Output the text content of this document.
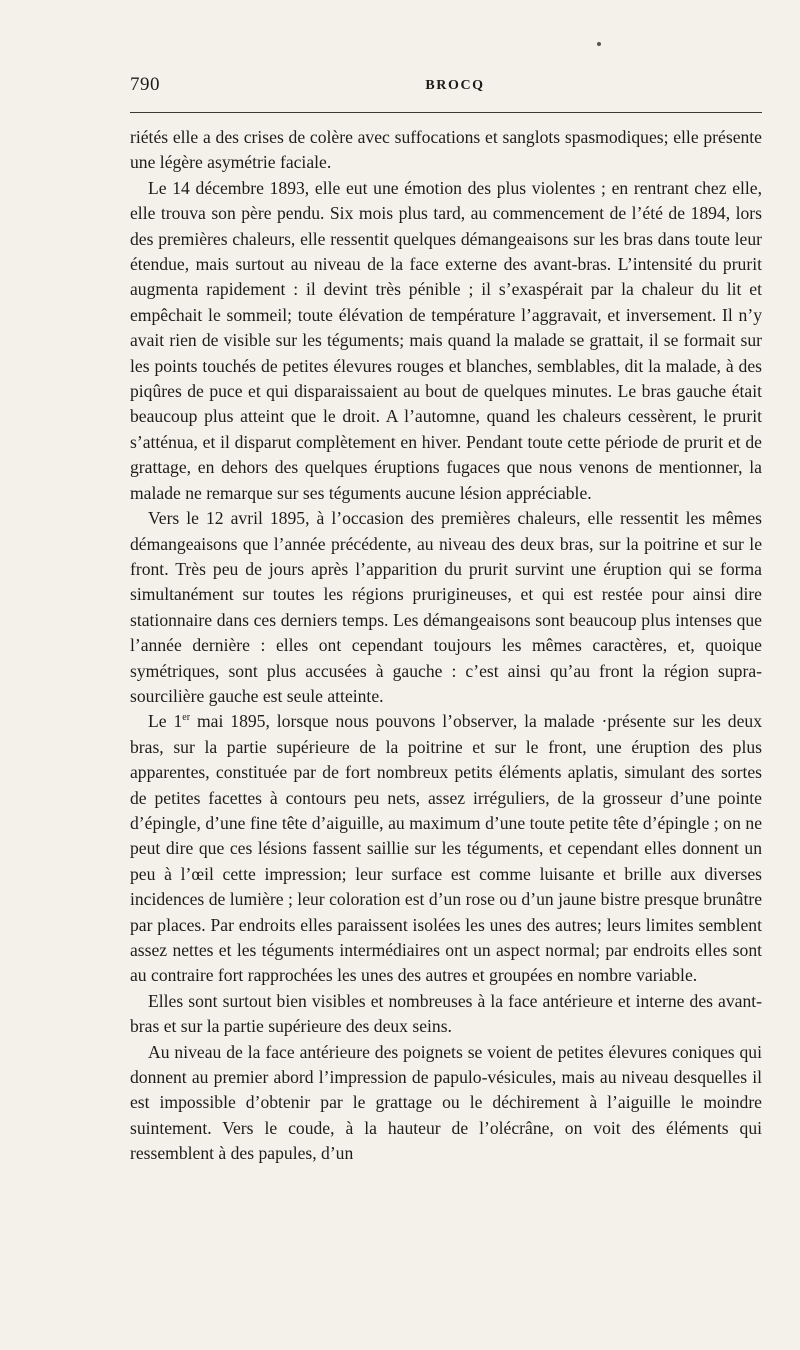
790	BROCQ

riétés elle a des crises de colère avec suffocations et sanglots spasmodiques; elle présente une légère asymétrie faciale.

Le 14 décembre 1893, elle eut une émotion des plus violentes ; en rentrant chez elle, elle trouva son père pendu. Six mois plus tard, au commencement de l’été de 1894, lors des premières chaleurs, elle ressentit quelques démangeaisons sur les bras dans toute leur étendue, mais surtout au niveau de la face externe des avant-bras. L’intensité du prurit augmenta rapidement : il devint très pénible ; il s’exaspérait par la chaleur du lit et empêchait le sommeil; toute élévation de température l’aggravait, et inversement. Il n’y avait rien de visible sur les téguments; mais quand la malade se grattait, il se formait sur les points touchés de petites élevures rouges et blanches, semblables, dit la malade, à des piqûres de puce et qui disparaissaient au bout de quelques minutes. Le bras gauche était beaucoup plus atteint que le droit. A l’automne, quand les chaleurs cessèrent, le prurit s’atténua, et il disparut complètement en hiver. Pendant toute cette période de prurit et de grattage, en dehors des quelques éruptions fugaces que nous venons de mentionner, la malade ne remarque sur ses téguments aucune lésion appréciable.

Vers le 12 avril 1895, à l’occasion des premières chaleurs, elle ressentit les mêmes démangeaisons que l’année précédente, au niveau des deux bras, sur la poitrine et sur le front. Très peu de jours après l’apparition du prurit survint une éruption qui se forma simultanément sur toutes les régions prurigineuses, et qui est restée pour ainsi dire stationnaire dans ces derniers temps. Les démangeaisons sont beaucoup plus intenses que l’année dernière : elles ont cependant toujours les mêmes caractères, et, quoique symétriques, sont plus accusées à gauche : c’est ainsi qu’au front la région supra-sourcilière gauche est seule atteinte.

Le 1er mai 1895, lorsque nous pouvons l’observer, la malade ·présente sur les deux bras, sur la partie supérieure de la poitrine et sur le front, une éruption des plus apparentes, constituée par de fort nombreux petits éléments aplatis, simulant des sortes de petites facettes à contours peu nets, assez irréguliers, de la grosseur d’une pointe d’épingle, d’une fine tête d’aiguille, au maximum d’une toute petite tête d’épingle ; on ne peut dire que ces lésions fassent saillie sur les téguments, et cependant elles donnent un peu à l’œil cette impression; leur surface est comme luisante et brille aux diverses incidences de lumière ; leur coloration est d’un rose ou d’un jaune bistre presque brunâtre par places. Par endroits elles paraissent isolées les unes des autres; leurs limites semblent assez nettes et les téguments intermédiaires ont un aspect normal; par endroits elles sont au contraire fort rapprochées les unes des autres et groupées en nombre variable.

Elles sont surtout bien visibles et nombreuses à la face antérieure et interne des avant-bras et sur la partie supérieure des deux seins.

Au niveau de la face antérieure des poignets se voient de petites élevures coniques qui donnent au premier abord l’impression de papulo-vésicules, mais au niveau desquelles il est impossible d’obtenir par le grattage ou le déchirement à l’aiguille le moindre suintement. Vers le coude, à la hauteur de l’olécrâne, on voit des éléments qui ressemblent à des papules, d’un
